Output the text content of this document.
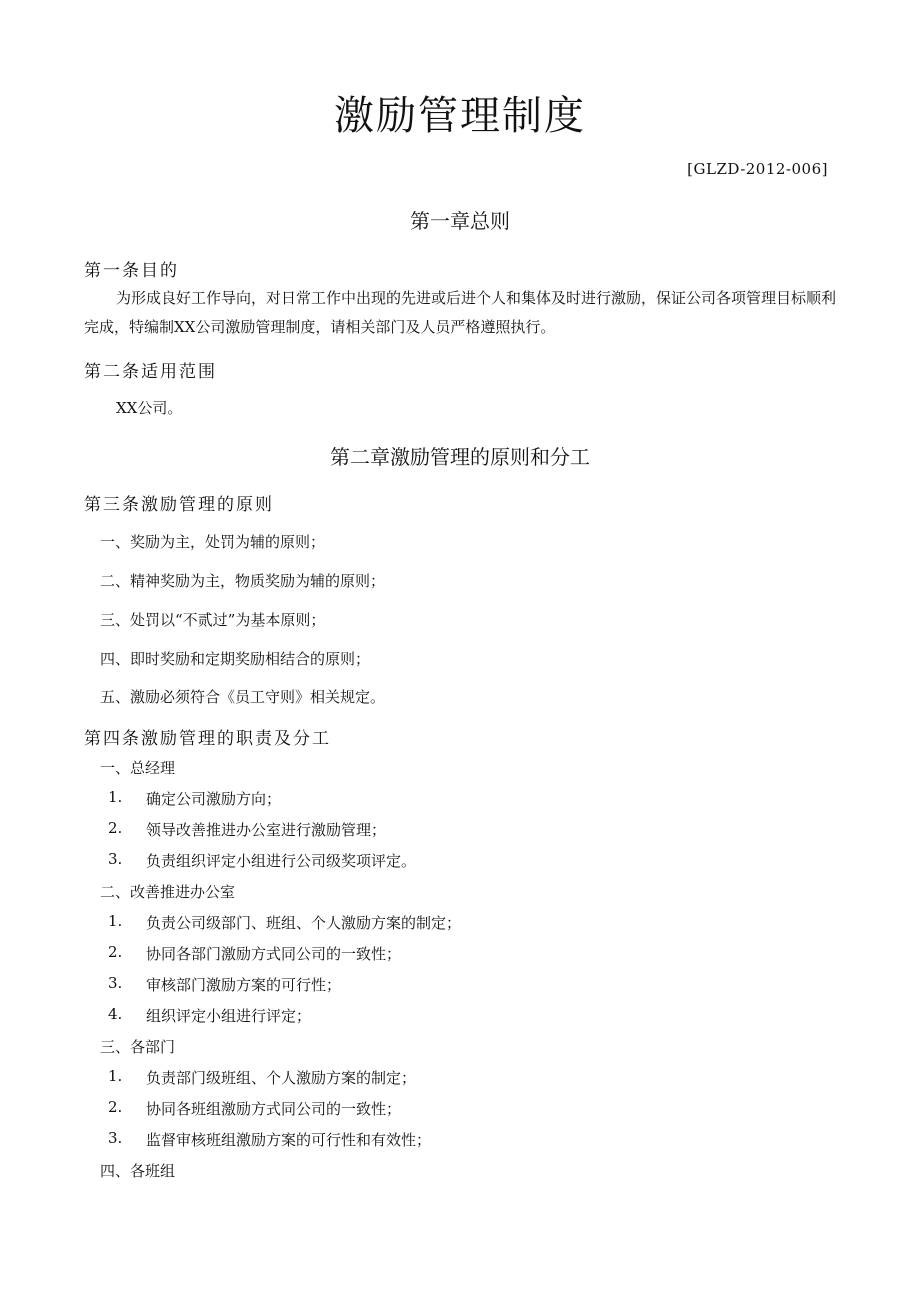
激励管理制度
[GLZD-2012-006]
第一章总则
第一条目的
为形成良好工作导向，对日常工作中出现的先进或后进个人和集体及时进行激励，保证公司各项管理目标顺利完成，特编制XX公司激励管理制度，请相关部门及人员严格遵照执行。
第二条适用范围
XX公司。
第二章激励管理的原则和分工
第三条激励管理的原则
一、奖励为主，处罚为辅的原则；
二、精神奖励为主，物质奖励为辅的原则；
三、处罚以“不贰过”为基本原则；
四、即时奖励和定期奖励相结合的原则；
五、激励必须符合《员工守则》相关规定。
第四条激励管理的职责及分工
一、总经理
1. 确定公司激励方向；
2. 领导改善推进办公室进行激励管理；
3. 负责组织评定小组进行公司级奖项评定。
二、改善推进办公室
1. 负责公司级部门、班组、个人激励方案的制定；
2. 协同各部门激励方式同公司的一致性；
3. 审核部门激励方案的可行性；
4. 组织评定小组进行评定；
三、各部门
1. 负责部门级班组、个人激励方案的制定；
2. 协同各班组激励方式同公司的一致性；
3. 监督审核班组激励方案的可行性和有效性；
四、各班组
